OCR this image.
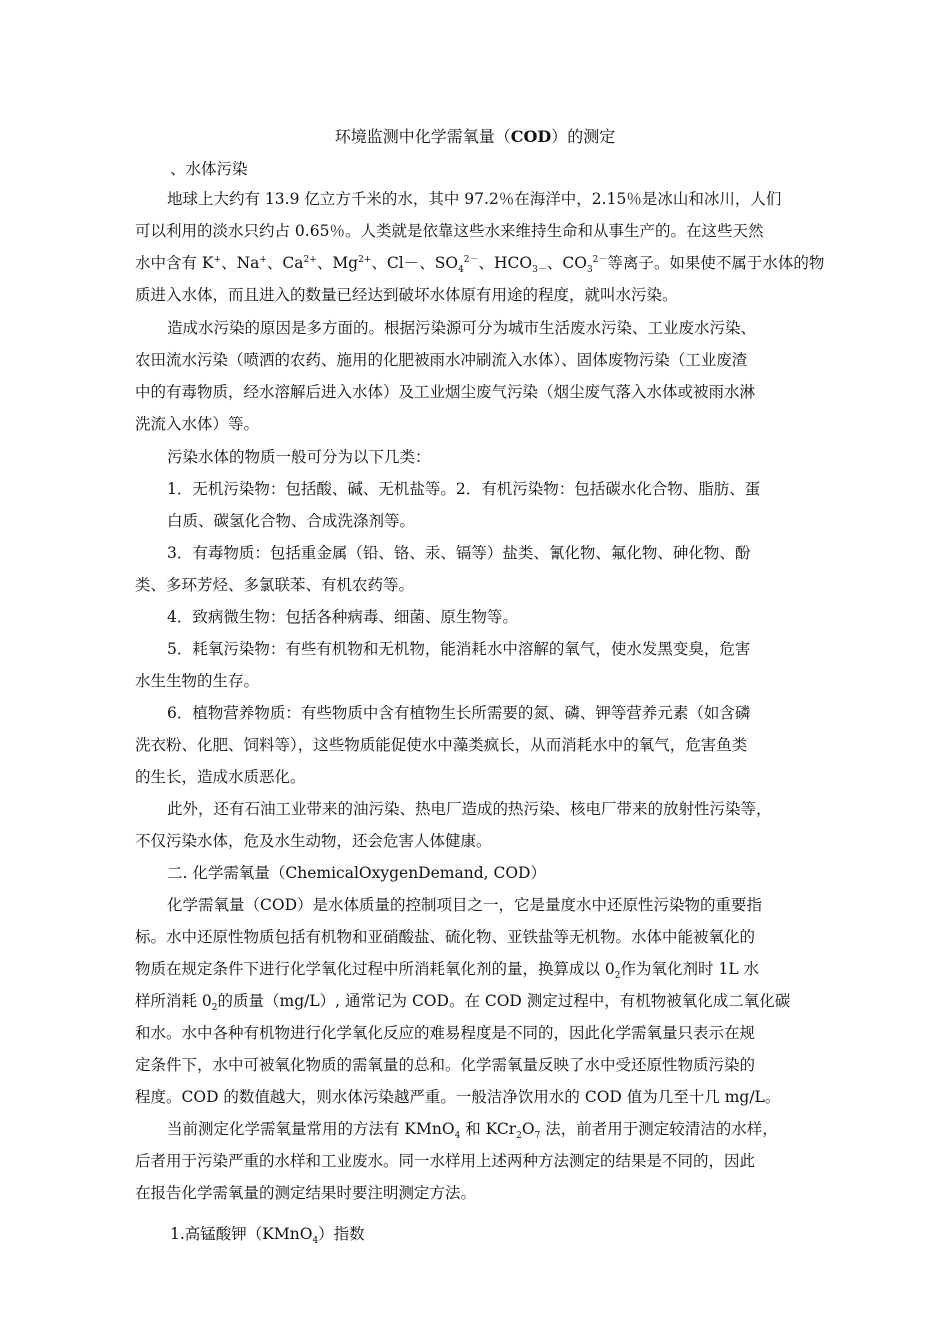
环境监测中化学需氧量（COD）的测定
、水体污染
地球上大约有 13.9 亿立方千米的水，其中 97.2％在海洋中，2.15％是冰山和冰川，人们
可以利用的淡水只约占 0.65％。人类就是依靠这些水来维持生命和从事生产的。在这些天然
水中含有 K+、Na+、$Ca^{2+}$、$Mg^{2+}$、Cl－、$SO_4^{2-}$、$HCO_{3-}$、$CO_3^{2-}$等离子。如果使不属于水体的物
质进入水体，而且进入的数量已经达到破坏水体原有用途的程度，就叫水污染。
造成水污染的原因是多方面的。根据污染源可分为城市生活废水污染、工业废水污染、
农田流水污染（喷洒的农药、施用的化肥被雨水冲刷流入水体）、固体废物污染（工业废渣
中的有毒物质，经水溶解后进入水体）及工业烟尘废气污染（烟尘废气落入水体或被雨水淋
洗流入水体）等。
污染水体的物质一般可分为以下几类：
1．无机污染物：包括酸、碱、无机盐等。2．有机污染物：包括碳水化合物、脂肪、蛋
白质、碳氢化合物、合成洗涤剂等。
3．有毒物质：包括重金属（铅、铬、汞、镉等）盐类、氰化物、氟化物、砷化物、酚
类、多环芳烃、多氯联苯、有机农药等。
4．致病微生物：包括各种病毒、细菌、原生物等。
5．耗氧污染物：有些有机物和无机物，能消耗水中溶解的氧气，使水发黑变臭，危害
水生生物的生存。
6．植物营养物质：有些物质中含有植物生长所需要的氮、磷、钾等营养元素（如含磷
洗衣粉、化肥、饲料等），这些物质能促使水中藻类疯长，从而消耗水中的氧气，危害鱼类
的生长，造成水质恶化。
此外，还有石油工业带来的油污染、热电厂造成的热污染、核电厂带来的放射性污染等，
不仅污染水体，危及水生动物，还会危害人体健康。
二. 化学需氧量（ChemicalOxygenDemand, COD）
化学需氧量（COD）是水体质量的控制项目之一，它是量度水中还原性污染物的重要指
标。水中还原性物质包括有机物和亚硝酸盐、硫化物、亚铁盐等无机物。水体中能被氧化的
物质在规定条件下进行化学氧化过程中所消耗氧化剂的量，换算成以 $0_2$作为氧化剂时 1L 水
样所消耗 $0_2$的质量（mg/L）, 通常记为 COD。在 COD 测定过程中，有机物被氧化成二氧化碳
和水。水中各种有机物进行化学氧化反应的难易程度是不同的，因此化学需氧量只表示在规
定条件下，水中可被氧化物质的需氧量的总和。化学需氧量反映了水中受还原性物质污染的
程度。COD 的数值越大，则水体污染越严重。一般洁净饮用水的 COD 值为几至十几 mg/L。
当前测定化学需氧量常用的方法有 KMnO$_4$ 和 $KCr_2O_7$ 法，前者用于测定较清洁的水样，
后者用于污染严重的水样和工业废水。同一水样用上述两种方法测定的结果是不同的，因此
在报告化学需氧量的测定结果时要注明测定方法。
1.高锰酸钾（KMnO$_4$）指数
